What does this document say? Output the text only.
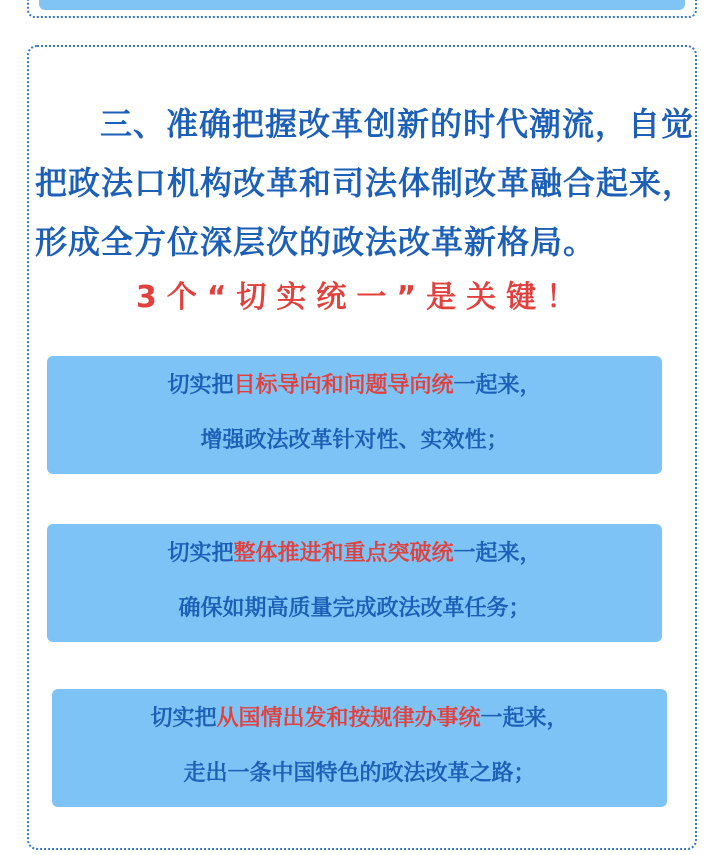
三、准确把握改革创新的时代潮流，自觉
把政法口机构改革和司法体制改革融合起来，
形成全方位深层次的政法改革新格局。
3个“切实统一”是关键！
切实把目标导向和问题导向统一起来，
增强政法改革针对性、实效性；
切实把整体推进和重点突破统一起来，
确保如期高质量完成政法改革任务；
切实把从国情出发和按规律办事统一起来，
走出一条中国特色的政法改革之路；
